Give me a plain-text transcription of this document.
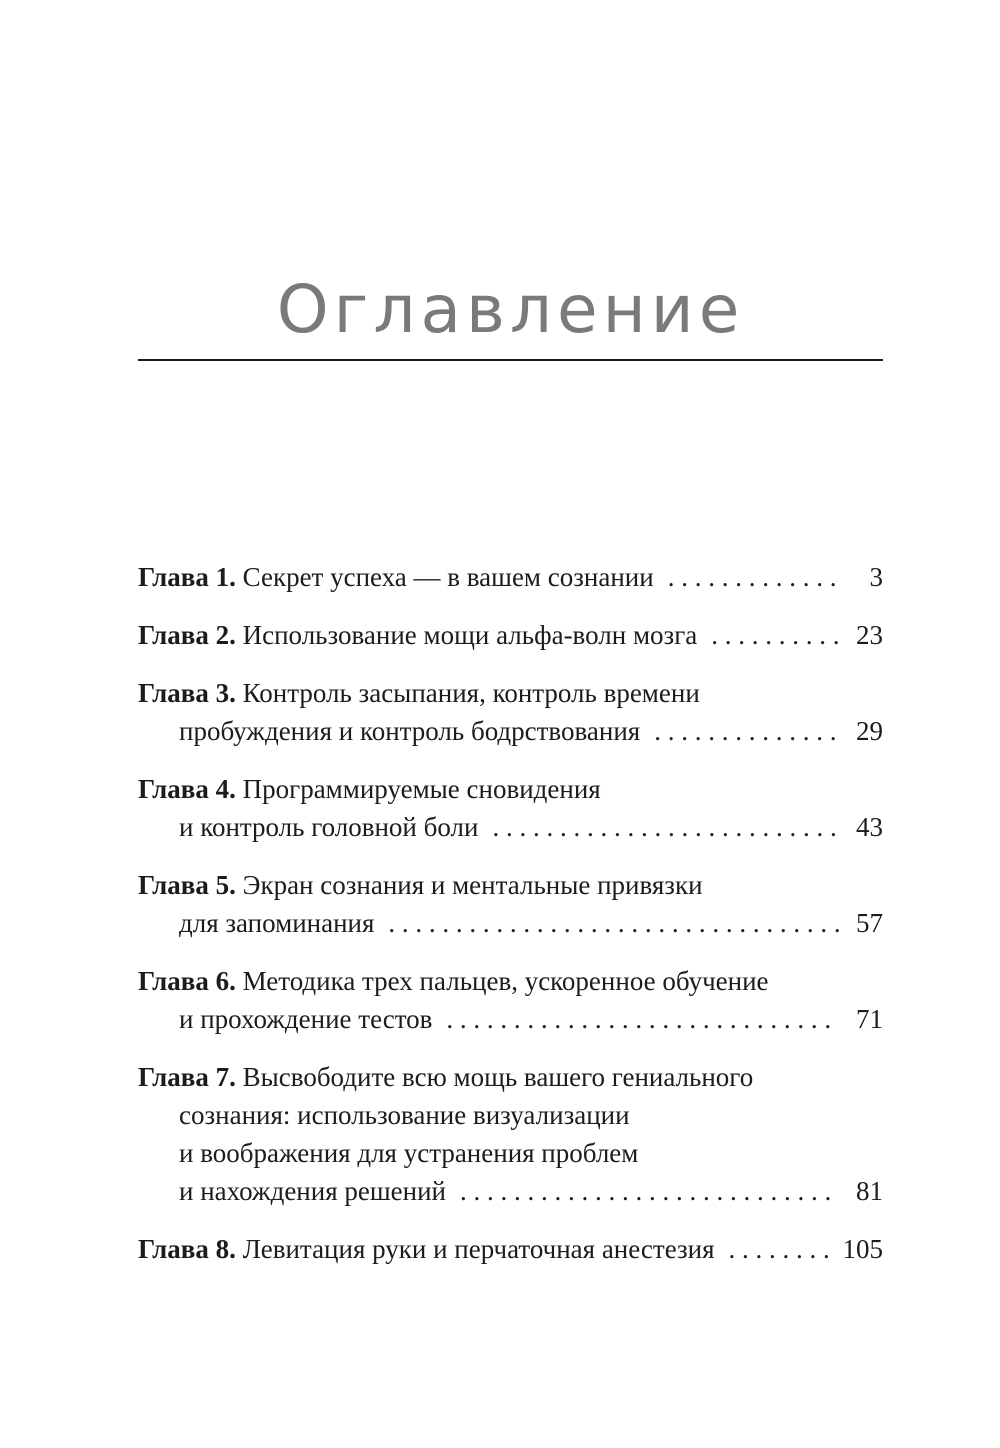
Оглавление
Глава 1.
Секрет успеха — в вашем сознании . . .	3
Глава 2.
Использование мощи альфа-волн мозга . . .	23
Глава 3.
Контроль засыпания, контроль времени
пробуждения и контроль бодрствования . . .	29
Глава 4.
Программируемые сновидения
и контроль головной боли . . .	43
Глава 5.
Экран сознания и ментальные привязки
для запоминания . . .	57
Глава 6.
Методика трех пальцев, ускоренное обучение
и прохождение тестов . . .	71
Глава 7.
Высвободите всю мощь вашего гениального
сознания: использование визуализации
и воображения для устранения проблем
и нахождения решений . . .	81
Глава 8.
Левитация руки и перчаточная анестезия . . .	105
